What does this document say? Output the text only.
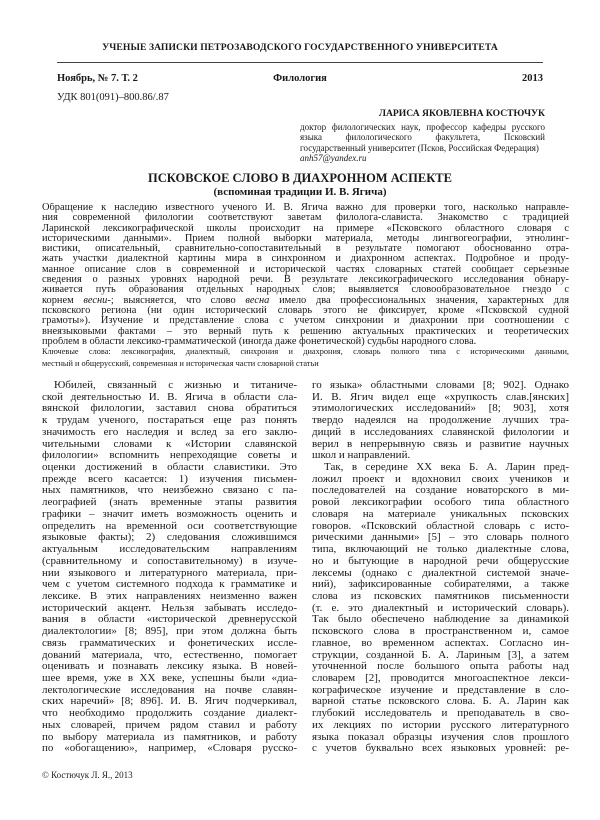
УЧЕНЫЕ ЗАПИСКИ ПЕТРОЗАВОДСКОГО ГОСУДАРСТВЕННОГО УНИВЕРСИТЕТА
Ноябрь, № 7. Т. 2	Филология	2013
УДК 801(091)–800.86/.87
ЛАРИСА ЯКОВЛЕВНА КОСТЮЧУК
доктор филологических наук, профессор кафедры русского языка филологического факультета, Псковский государственный университет (Псков, Российская Федерация)
anh57@yandex.ru
ПСКОВСКОЕ СЛОВО В ДИАХРОННОМ АСПЕКТЕ
(вспоминая традиции И. В. Ягича)
Обращение к наследию известного ученого И. В. Ягича важно для проверки того, насколько направле-
ния современной филологии соответствуют заветам филолога-слависта. Знакомство с традицией
Ларинской лексикографической школы происходит на примере «Псковского областного словаря с
историческими данными». Прием полной выборки материала, методы лингвогеографии, этнолинг-
вистики, описательный, сравнительно-сопоставительный в результате помогают обоснованно отра-
жать участки диалектной картины мира в синхронном и диахронном аспектах. Подробное и проду-
манное описание слов в современной и исторической частях словарных статей сообщает серьезные
сведения о разных уровнях народной речи. В результате лексикографического исследования обнару-
живается путь образования отдельных народных слов; выявляется словообразовательное гнездо с
корнем весни-; выясняется, что слово весна имело два профессиональных значения, характерных для
псковского региона (ни один исторический словарь этого не фиксирует, кроме «Псковской судной
грамоты»). Изучение и представление слова с учетом синхронии и диахронии при соотношении с
внеязыковыми фактами – это верный путь к решению актуальных практических и теоретических
проблем в области лексико-грамматической (иногда даже фонетической) судьбы народного слова.
Ключевые слова: лексикография, диалектный, синхрония и диахрония, словарь полного типа с историческими данными,
местный и общерусский, современная и историческая части словарной статьи
Юбилей, связанный с жизнью и титаниче-
ской деятельностью И. В. Ягича в области сла-
вянской филологии, заставил снова обратиться
к трудам ученого, постараться еще раз понять
значимость его наследия и вслед за его заклю-
чительными словами к «Истории славянской
филологии» вспомнить непреходящие советы и
оценки достижений в области славистики. Это
прежде всего касается: 1) изучения письмен-
ных памятников, что неизбежно связано с па-
леографией (знать временные этапы развития
графики – значит иметь возможность оценить и
определить на временной оси соответствующие
языковые факты); 2) следования сложившимся
актуальным исследовательским направлениям
(сравнительному и сопоставительному) в изуче-
нии языкового и литературного материала, при-
чем с учетом системного подхода к грамматике и
лексике. В этих направлениях неизменно важен
исторический акцент. Нельзя забывать исследо-
вания в области «исторической древнерусской
диалектологии» [8; 895], при этом должна быть
связь грамматических и фонетических иссле-
дований материала, что, естественно, помогает
оценивать и познавать лексику языка. В новей-
шее время, уже в XX веке, успешны были «диа-
лектологические исследования на почве славян-
ских наречий» [8; 896]. И. В. Ягич подчеркивал,
что необходимо продолжить создание диалект-
ных словарей, причем рядом ставил и работу
по выбору материала из памятников, и работу
по «обогащению», например, «Словаря русско-
го языка» областными словами [8; 902]. Однако
И. В. Ягич видел еще «хрупкость слав.[янских]
этимологических исследований» [8; 903], хотя
твердо надеялся на продолжение лучших тра-
диций в исследованиях славянской филологии и
верил в непрерывную связь и развитие научных
школ и направлений.
Так, в середине XX века Б. А. Ларин пред-
ложил проект и вдохновил своих учеников и
последователей на создание новаторского в ми-
ровой лексикографии особого типа областного
словаря на материале уникальных псковских
говоров. «Псковский областной словарь с исто-
рическими данными» [5] – это словарь полного
типа, включающий не только диалектные слова,
но и бытующие в народной речи общерусские
лексемы (однако с диалектной системой значе-
ний), зафиксированные собирателями, а также
слова из псковских памятников письменности
(т. е. это диалектный и исторический словарь).
Так было обеспечено наблюдение за динамикой
псковского слова в пространственном и, самое
главное, во временном аспектах. Согласно ин-
струкции, созданной Б. А. Лариным [3], а затем
уточненной после большого опыта работы над
словарем [2], проводится многоаспектное лекси-
кографическое изучение и представление в сло-
варной статье псковского слова. Б. А. Ларин как
глубокий исследователь и преподаватель в сво-
их лекциях по истории русского литературного
языка показал образцы изучения слов прошлого
с учетов буквально всех языковых уровней: ре-
© Костючук Л. Я., 2013
